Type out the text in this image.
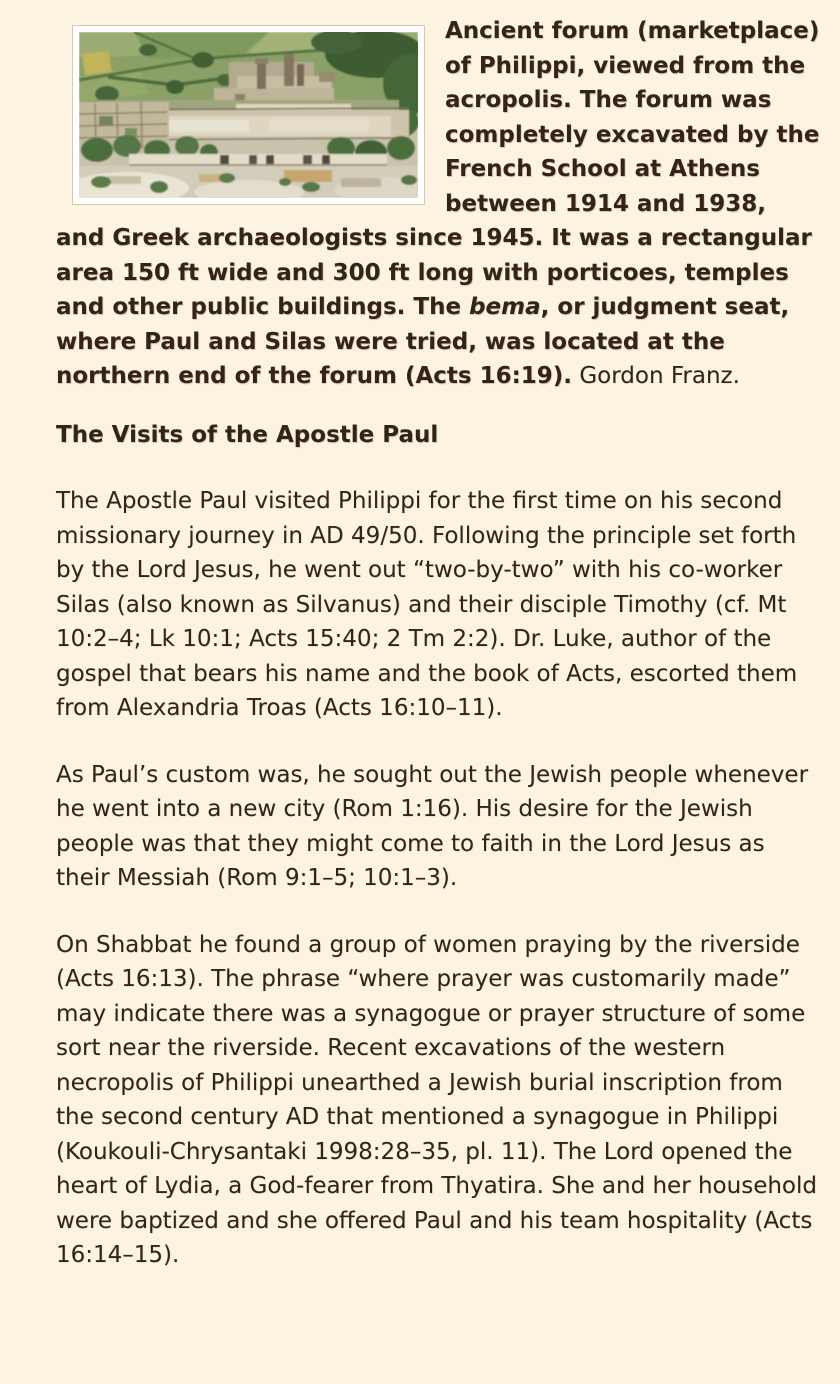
Ancient forum (marketplace) of Philippi, viewed from the acropolis. The forum was completely excavated by the French School at Athens between 1914 and 1938, and Greek archaeologists since 1945. It was a rectangular area 150 ft wide and 300 ft long with porticoes, temples and other public buildings. The bema, or judgment seat, where Paul and Silas were tried, was located at the northern end of the forum (Acts 16:19). Gordon Franz.

The Visits of the Apostle Paul

The Apostle Paul visited Philippi for the first time on his second missionary journey in AD 49/50. Following the principle set forth by the Lord Jesus, he went out “two-by-two” with his co-worker Silas (also known as Silvanus) and their disciple Timothy (cf. Mt 10:2–4; Lk 10:1; Acts 15:40; 2 Tm 2:2). Dr. Luke, author of the gospel that bears his name and the book of Acts, escorted them from Alexandria Troas (Acts 16:10–11).

As Paul’s custom was, he sought out the Jewish people whenever he went into a new city (Rom 1:16). His desire for the Jewish people was that they might come to faith in the Lord Jesus as their Messiah (Rom 9:1–5; 10:1–3).

On Shabbat he found a group of women praying by the riverside (Acts 16:13). The phrase “where prayer was customarily made” may indicate there was a synagogue or prayer structure of some sort near the riverside. Recent excavations of the western necropolis of Philippi unearthed a Jewish burial inscription from the second century AD that mentioned a synagogue in Philippi (Koukouli-Chrysantaki 1998:28–35, pl. 11). The Lord opened the heart of Lydia, a God-fearer from Thyatira. She and her household were baptized and she offered Paul and his team hospitality (Acts 16:14–15).
